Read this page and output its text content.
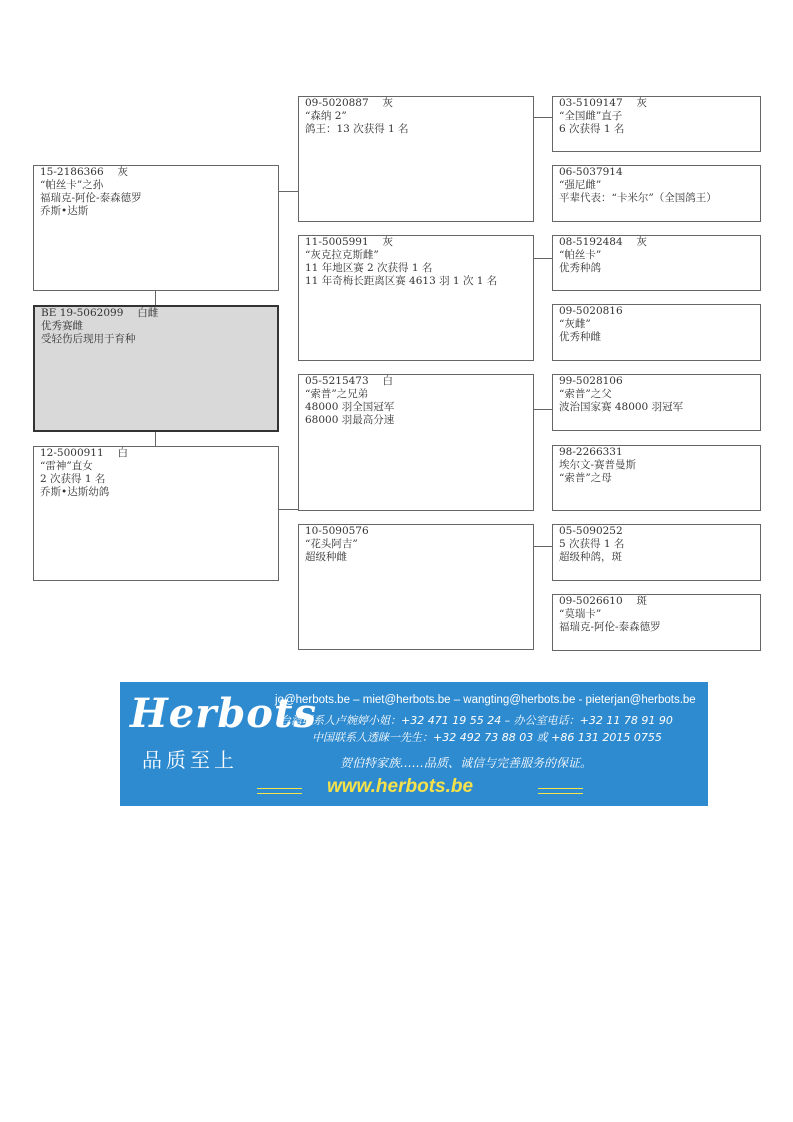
15-2186366　 灰
“帕丝卡”之孙
福瑞克-阿伦-泰森德罗
乔斯•达斯
BE 19-5062099　 白雌
优秀赛雌
受轻伤后现用于育种
12-5000911　 白
“雷神”直女
2 次获得 1 名
乔斯•达斯幼鸽
09-5020887　 灰
“森纳 2”
鸽王：13 次获得 1 名
11-5005991　 灰
“灰克拉克斯雌”
11 年地区赛 2 次获得 1 名
11 年奇梅长距离区赛 4613 羽 1 次 1 名
05-5215473　 白
“索普”之兄弟
48000 羽全国冠军
68000 羽最高分速
10-5090576
“花头阿吉”
超级种雌
03-5109147　 灰
“全国雌”直子
6 次获得 1 名
06-5037914
“强尼雌”
平辈代表：“卡米尔”（全国鸽王）
08-5192484　 灰
“帕丝卡”
优秀种鸽
09-5020816
“灰雌”
优秀种雌
99-5028106
“索普”之父
波治国家赛 48000 羽冠军
98-2266331
埃尔文-赛普曼斯
“索普”之母
05-5090252
5 次获得 1 名
超级种鸽，斑
09-5026610　 斑
“莫瑞卡”
福瑞克-阿伦-泰森德罗
Herbots
品质至上
jo@herbots.be – miet@herbots.be – wangting@herbots.be - pieterjan@herbots.be
台湾联系人卢婉婷小姐：+32 471 19 55 24 – 办公室电话：+32 11 78 91 90
中国联系人透睐一先生：+32 492 73 88 03 或 +86 131 2015 0755
贺伯特家族……品质、诚信与完善服务的保证。
www.herbots.be
